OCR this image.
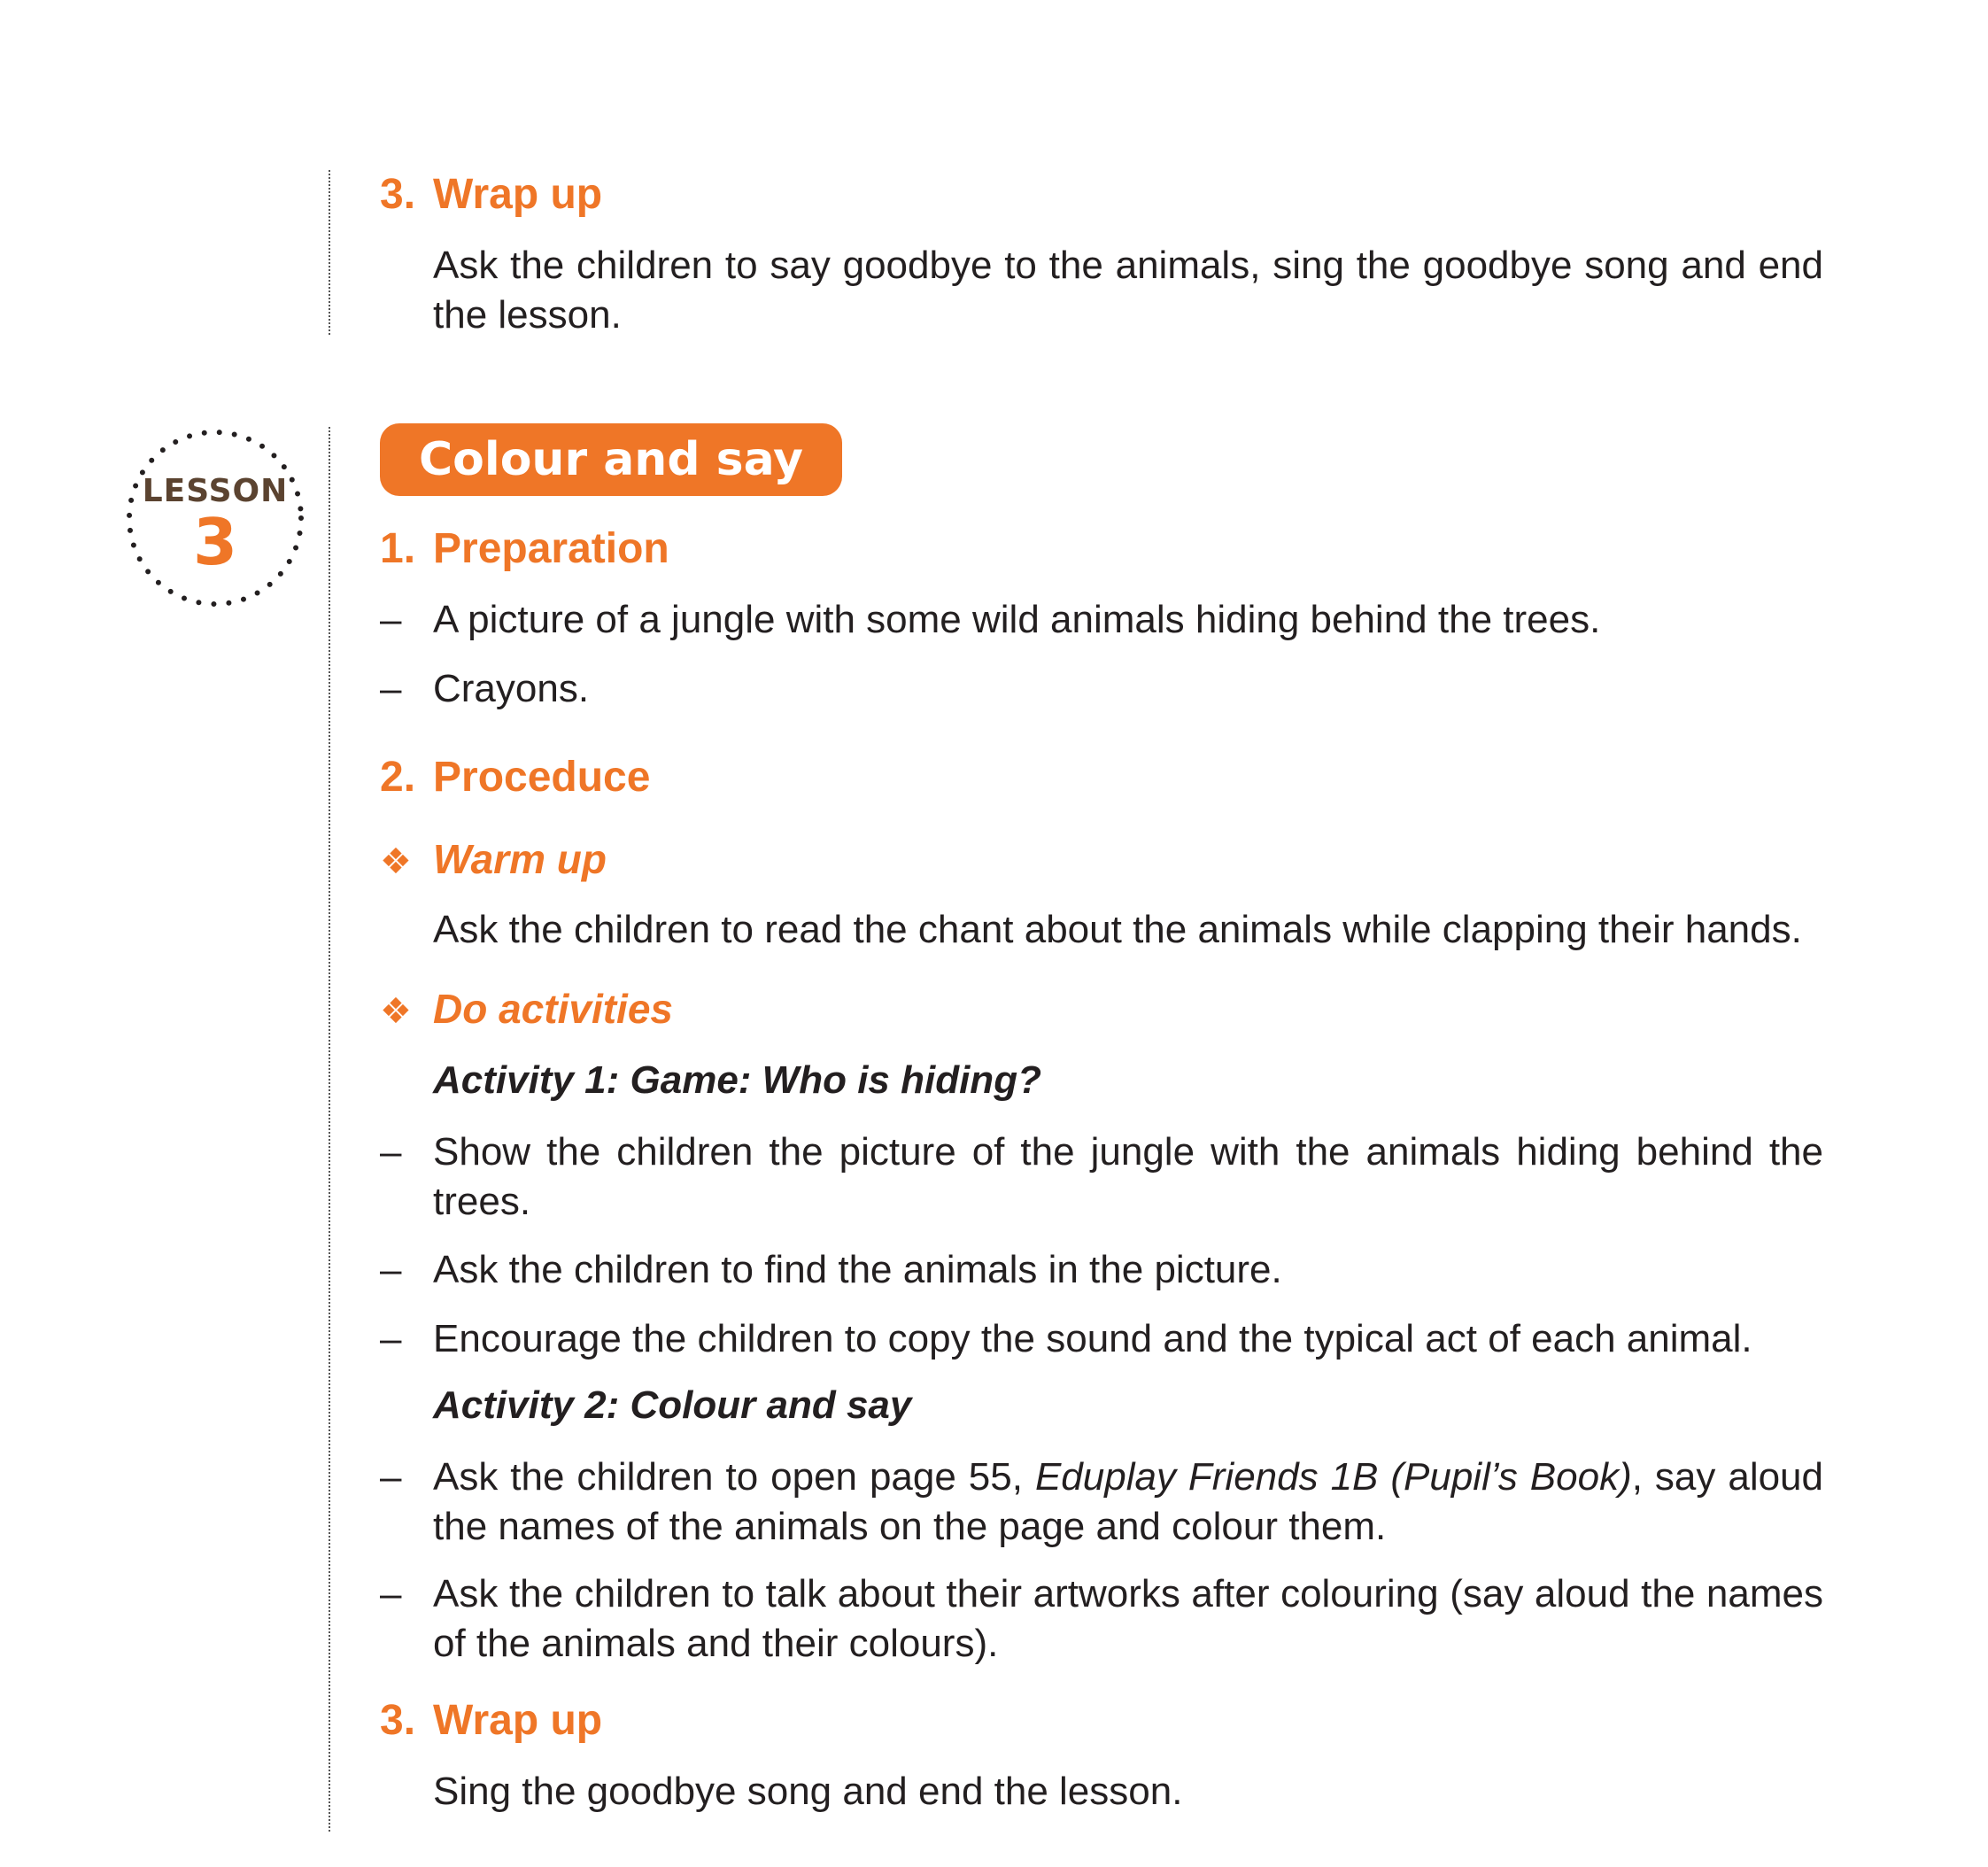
LESSON
3
3. Wrap up
Ask the children to say goodbye to the animals, sing the goodbye song and end the lesson.
Colour and say
1. Preparation
– A picture of a jungle with some wild animals hiding behind the trees.
– Crayons.
2. Proceduce
❖ Warm up
Ask the children to read the chant about the animals while clapping their hands.
❖ Do activities
Activity 1: Game: Who is hiding?
– Show the children the picture of the jungle with the animals hiding behind the trees.
– Ask the children to find the animals in the picture.
– Encourage the children to copy the sound and the typical act of each animal.
Activity 2: Colour and say
– Ask the children to open page 55, Eduplay Friends 1B (Pupil’s Book), say aloud the names of the animals on the page and colour them.
– Ask the children to talk about their artworks after colouring (say aloud the names of the animals and their colours).
3. Wrap up
Sing the goodbye song and end the lesson.
